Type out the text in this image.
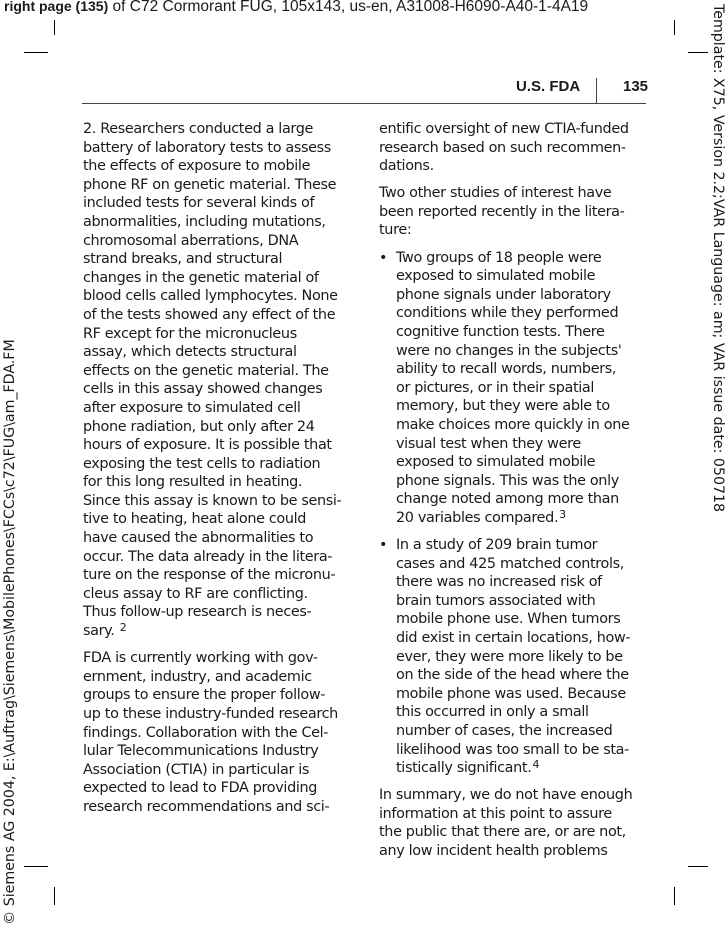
right page (135) of C72 Cormorant FUG, 105x143, us-en, A31008-H6090-A40-1-4A19	Template: X75, Version 2.2;VAR Language: am; VAR issue date: 050718
© Siemens AG 2004, E:\Auftrag\Siemens\MobilePhones\FCCs\c72\FUG\am_FDA.FM
U.S. FDA	135

2. Researchers conducted a large
battery of laboratory tests to assess
the effects of exposure to mobile
phone RF on genetic material. These
included tests for several kinds of
abnormalities, including mutations,
chromosomal aberrations, DNA
strand breaks, and structural
changes in the genetic material of
blood cells called lymphocytes. None
of the tests showed any effect of the
RF except for the micronucleus
assay, which detects structural
effects on the genetic material. The
cells in this assay showed changes
after exposure to simulated cell
phone radiation, but only after 24
hours of exposure. It is possible that
exposing the test cells to radiation
for this long resulted in heating.
Since this assay is known to be sensi-
tive to heating, heat alone could
have caused the abnormalities to
occur. The data already in the litera-
ture on the response of the micronu-
cleus assay to RF are conflicting.
Thus follow-up research is neces-
sary. $^2$

FDA is currently working with gov-
ernment, industry, and academic
groups to ensure the proper follow-
up to these industry-funded research
findings. Collaboration with the Cel-
lular Telecommunications Industry
Association (CTIA) in particular is
expected to lead to FDA providing
research recommendations and sci-

entific oversight of new CTIA-funded
research based on such recommen-
dations.

Two other studies of interest have
been reported recently in the litera-
ture:

• Two groups of 18 people were
exposed to simulated mobile
phone signals under laboratory
conditions while they performed
cognitive function tests. There
were no changes in the subjects'
ability to recall words, numbers,
or pictures, or in their spatial
memory, but they were able to
make choices more quickly in one
visual test when they were
exposed to simulated mobile
phone signals. This was the only
change noted among more than
20 variables compared.$^3$
• In a study of 209 brain tumor
cases and 425 matched controls,
there was no increased risk of
brain tumors associated with
mobile phone use. When tumors
did exist in certain locations, how-
ever, they were more likely to be
on the side of the head where the
mobile phone was used. Because
this occurred in only a small
number of cases, the increased
likelihood was too small to be sta-
tistically significant.$^4$

In summary, we do not have enough
information at this point to assure
the public that there are, or are not,
any low incident health problems
